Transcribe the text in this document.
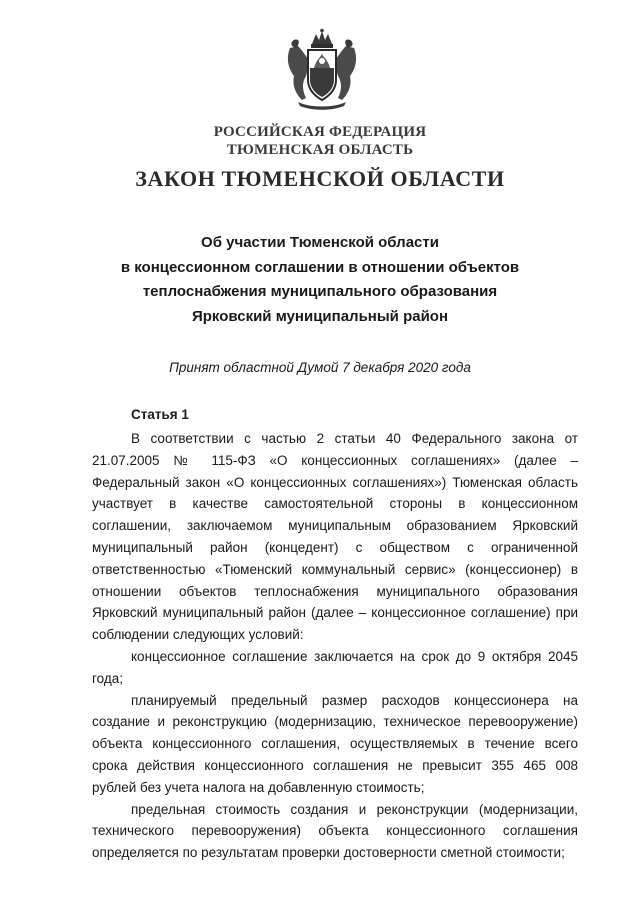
РОССИЙСКАЯ ФЕДЕРАЦИЯ
ТЮМЕНСКАЯ ОБЛАСТЬ
ЗАКОН ТЮМЕНСКОЙ ОБЛАСТИ
Об участии Тюменской области
в концессионном соглашении в отношении объектов
теплоснабжения муниципального образования
Ярковский муниципальный район
Принят областной Думой 7 декабря 2020 года
Статья 1

В соответствии с частью 2 статьи 40 Федерального закона от 21.07.2005 № 115-ФЗ «О концессионных соглашениях» (далее – Федеральный закон «О концессионных соглашениях») Тюменская область участвует в качестве самостоятельной стороны в концессионном соглашении, заключаемом муниципальным образованием Ярковский муниципальный район (концедент) с обществом с ограниченной ответственностью «Тюменский коммунальный сервис» (концессионер) в отношении объектов теплоснабжения муниципального образования Ярковский муниципальный район (далее – концессионное соглашение) при соблюдении следующих условий:

концессионное соглашение заключается на срок до 9 октября 2045 года;

планируемый предельный размер расходов концессионера на создание и реконструкцию (модернизацию, техническое перевооружение) объекта концессионного соглашения, осуществляемых в течение всего срока действия концессионного соглашения не превысит 355 465 008 рублей без учета налога на добавленную стоимость;

предельная стоимость создания и реконструкции (модернизации, технического перевооружения) объекта концессионного соглашения определяется по результатам проверки достоверности сметной стоимости;
